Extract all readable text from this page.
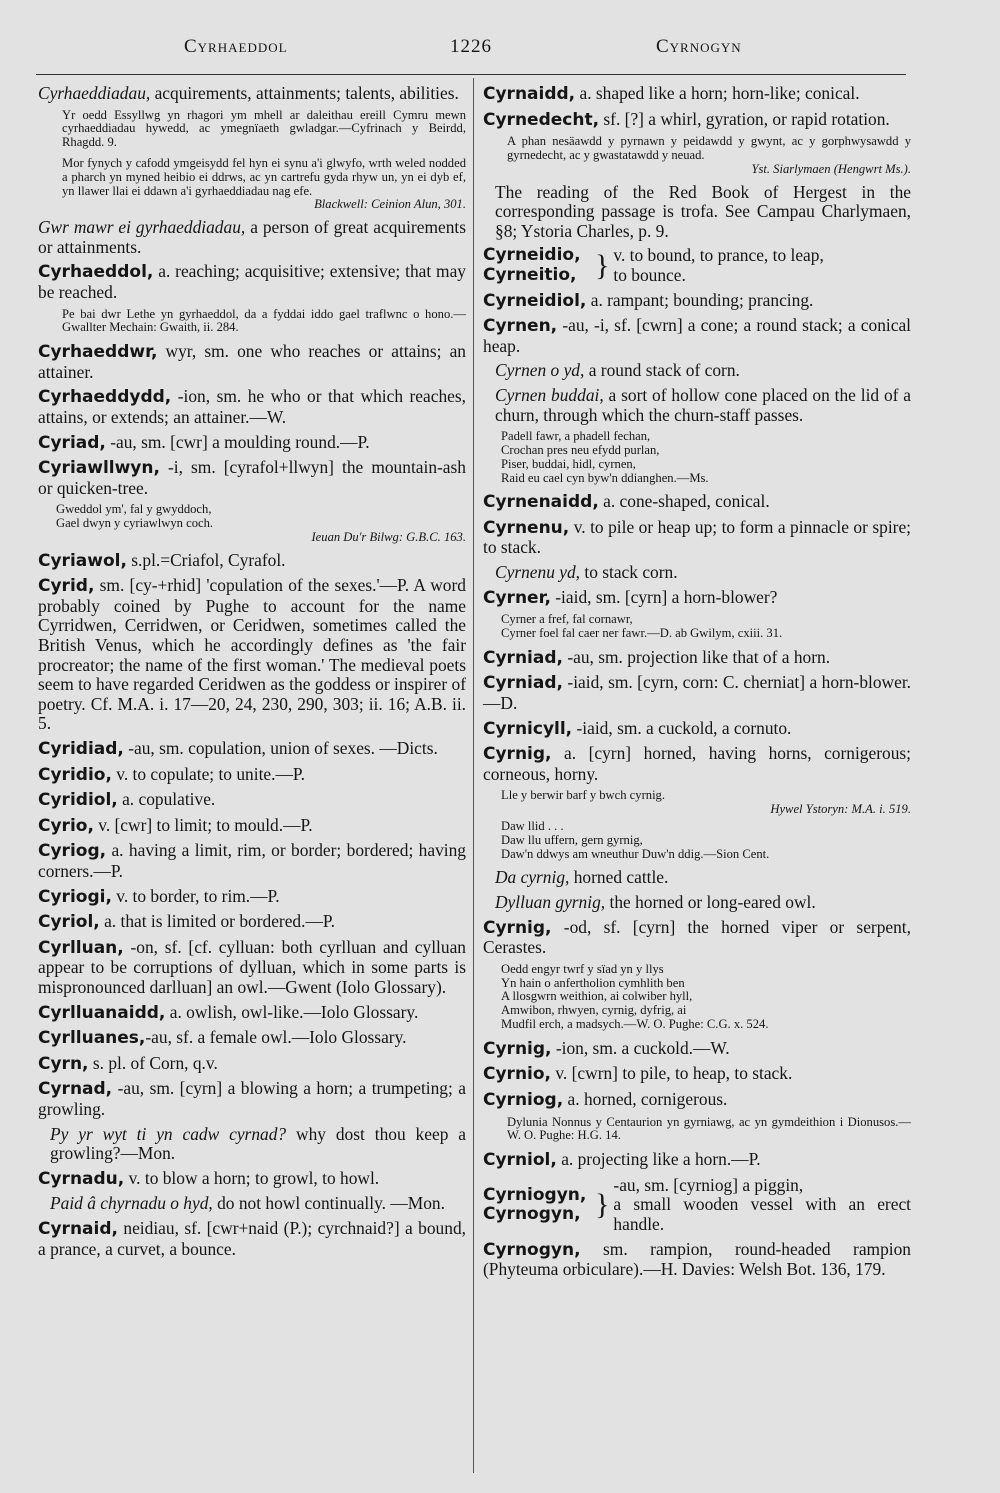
Cyrhaeddol	1226	Cyrnogyn

Cyrhaeddiadau, acquirements, attainments; talents, abilities.

Yr oedd Essyllwg yn rhagori ym mhell ar daleithau ereill Cymru mewn cyrhaeddiadau hywedd, ac ymegnïaeth gwladgar.—Cyfrinach y Beirdd, Rhagdd. 9.

Mor fynych y cafodd ymgeisydd fel hyn ei synu a'i glwyfo, wrth weled nodded a pharch yn myned heibio ei ddrws, ac yn cartrefu gyda rhyw un, yn ei dyb ef, yn llawer llai ei ddawn a'i gyrhaeddiadau nag efe.

Blackwell: Ceinion Alun, 301.

Gwr mawr ei gyrhaeddiadau, a person of great acquirements or attainments.

Cyrhaeddol, a. reaching; acquisitive; extensive; that may be reached.

Pe bai dwr Lethe yn gyrhaeddol, da a fyddai iddo gael traflwnc o hono.—Gwallter Mechain: Gwaith, ii. 284.

Cyrhaeddwr, wyr, sm. one who reaches or attains; an attainer.

Cyrhaeddydd, -ion, sm. he who or that which reaches, attains, or extends; an attainer.—W.

Cyriad, -au, sm. [cwr] a moulding round.—P.

Cyriawllwyn, -i, sm. [cyrafol+llwyn] the mountain-ash or quicken-tree.

Gweddol ym', fal y gwyddoch,
Gael dwyn y cyriawlwyn coch.

Ieuan Du'r Bilwg: G.B.C. 163.

Cyriawol, s.pl.=Criafol, Cyrafol.

Cyrid, sm. [cy-+rhid] 'copulation of the sexes.'—P. A word probably coined by Pughe to account for the name Cyrridwen, Cerridwen, or Ceridwen, sometimes called the British Venus, which he accordingly defines as 'the fair procreator; the name of the first woman.' The medieval poets seem to have regarded Ceridwen as the goddess or inspirer of poetry. Cf. M.A. i. 17—20, 24, 230, 290, 303; ii. 16; A.B. ii. 5.

Cyridiad, -au, sm. copulation, union of sexes. —Dicts.

Cyridio, v. to copulate; to unite.—P.

Cyridiol, a. copulative.

Cyrio, v. [cwr] to limit; to mould.—P.

Cyriog, a. having a limit, rim, or border; bordered; having corners.—P.

Cyriogi, v. to border, to rim.—P.

Cyriol, a. that is limited or bordered.—P.

Cyrlluan, -on, sf. [cf. cylluan: both cyrlluan and cylluan appear to be corruptions of dylluan, which in some parts is mispronounced darlluan] an owl.—Gwent (Iolo Glossary).

Cyrlluanaidd, a. owlish, owl-like.—Iolo Glossary.

Cyrlluanes,-au, sf. a female owl.—Iolo Glossary.

Cyrn, s. pl. of Corn, q.v.

Cyrnad, -au, sm. [cyrn] a blowing a horn; a trumpeting; a growling.

Py yr wyt ti yn cadw cyrnad? why dost thou keep a growling?—Mon.

Cyrnadu, v. to blow a horn; to growl, to howl.

Paid â chyrnadu o hyd, do not howl continually. —Mon.

Cyrnaid, neidiau, sf. [cwr+naid (P.); cyrchnaid?] a bound, a prance, a curvet, a bounce.

Cyrnaidd, a. shaped like a horn; horn-like; conical.

Cyrnedecht, sf. [?] a whirl, gyration, or rapid rotation.

A phan nesäawdd y pyrnawn y peidawdd y gwynt, ac y gorphwysawdd y gyrnedecht, ac y gwastatawdd y neuad.

Yst. Siarlymaen (Hengwrt Ms.).

The reading of the Red Book of Hergest in the corresponding passage is trofa. See Campau Charlymaen, §8; Ystoria Charles, p. 9.

Cyrneidio,
Cyrneitio, } v. to bound, to prance, to leap,
to bounce.

Cyrneidiol, a. rampant; bounding; prancing.

Cyrnen, -au, -i, sf. [cwrn] a cone; a round stack; a conical heap.

Cyrnen o yd, a round stack of corn.

Cyrnen buddai, a sort of hollow cone placed on the lid of a churn, through which the churn-staff passes.

Padell fawr, a phadell fechan,
Crochan pres neu efydd purlan,
Piser, buddai, hidl, cyrnen,
Raid eu cael cyn byw'n ddianghen.—Ms.

Cyrnenaidd, a. cone-shaped, conical.

Cyrnenu, v. to pile or heap up; to form a pinnacle or spire; to stack.

Cyrnenu yd, to stack corn.

Cyrner, -iaid, sm. [cyrn] a horn-blower?

Cyrner a fref, fal cornawr,
Cyrner foel fal caer ner fawr.—D. ab Gwilym, cxiii. 31.

Cyrniad, -au, sm. projection like that of a horn.

Cyrniad, -iaid, sm. [cyrn, corn: C. cherniat] a horn-blower.—D.

Cyrnicyll, -iaid, sm. a cuckold, a cornuto.

Cyrnig, a. [cyrn] horned, having horns, cornigerous; corneous, horny.

Lle y berwir barf y bwch cyrnig.

Hywel Ystoryn: M.A. i. 519.

Daw llid . . .
Daw llu uffern, gern gyrnig,
Daw'n ddwys am wneuthur Duw'n ddig.—Sion Cent.

Da cyrnig, horned cattle.

Dylluan gyrnig, the horned or long-eared owl.

Cyrnig, -od, sf. [cyrn] the horned viper or serpent, Cerastes.

Oedd engyr twrf y sïad yn y llys
Yn hain o anfertholion cymhlith ben
A llosgwrn weithion, ai colwiber hyll,
Amwibon, rhwyen, cyrnig, dyfrig, ai
Mudfil erch, a madsych.—W. O. Pughe: C.G. x. 524.

Cyrnig, -ion, sm. a cuckold.—W.

Cyrnio, v. [cwrn] to pile, to heap, to stack.

Cyrniog, a. horned, cornigerous.

Dylunia Nonnus y Centaurion yn gyrniawg, ac yn gymdeithion i Dionusos.—W. O. Pughe: H.G. 14.

Cyrniol, a. projecting like a horn.—P.

Cyrniogyn,
Cyrnogyn, }
-au, sm. [cyrniog] a piggin,
a small wooden vessel with an erect handle.

Cyrnogyn, sm. rampion, round-headed rampion (Phyteuma orbiculare).—H. Davies: Welsh Bot. 136, 179.
